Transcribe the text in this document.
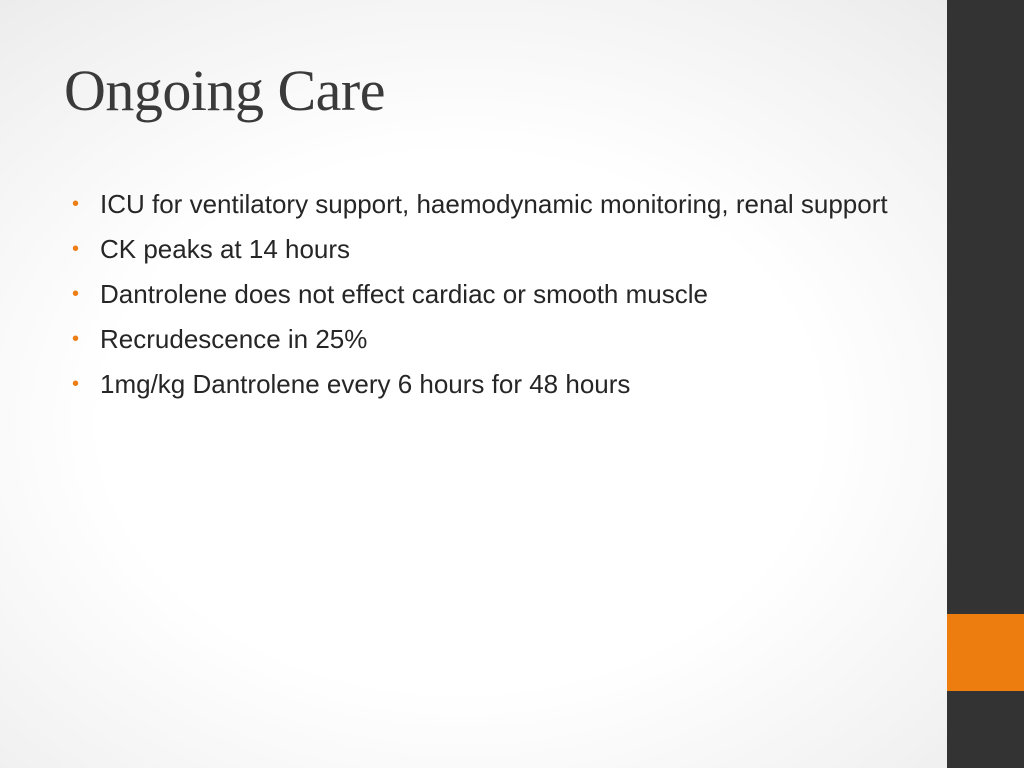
Ongoing Care
• ICU for ventilatory support, haemodynamic monitoring, renal support
• CK peaks at 14 hours
• Dantrolene does not effect cardiac or smooth muscle
• Recrudescence in 25%
• 1mg/kg Dantrolene every 6 hours for 48 hours
